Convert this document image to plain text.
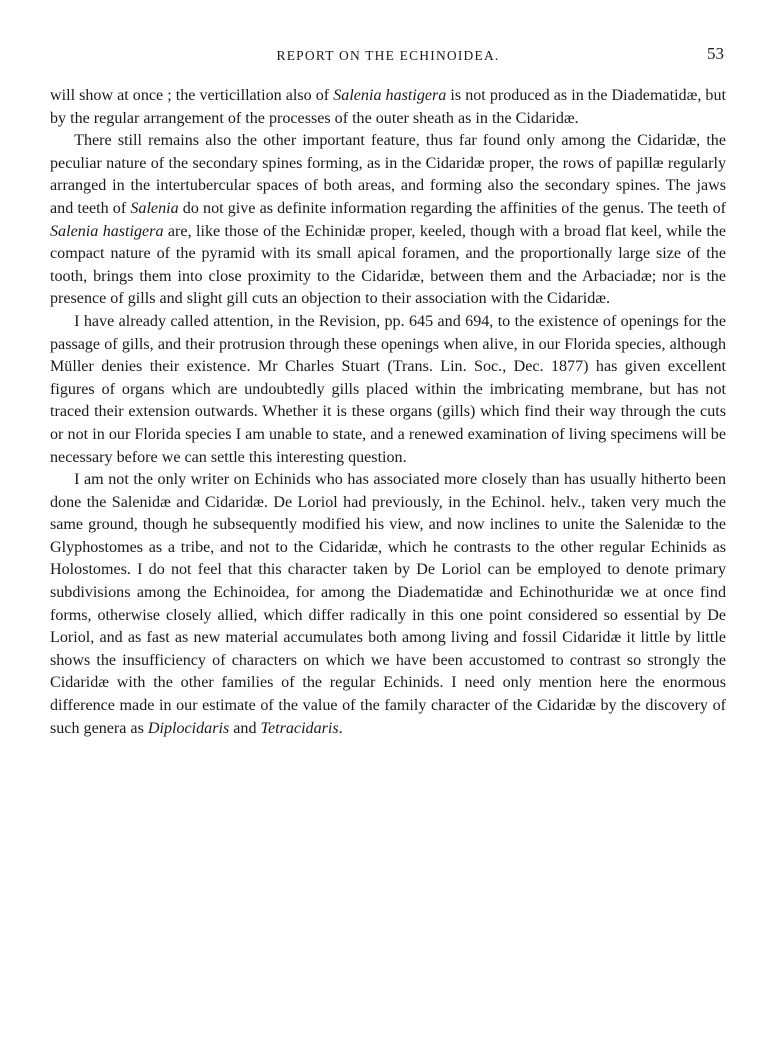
REPORT ON THE ECHINOIDEA.	53

will show at once ; the verticillation also of Salenia hastigera is not produced as in the Diadematidæ, but by the regular arrangement of the processes of the outer sheath as in the Cidaridæ.

There still remains also the other important feature, thus far found only among the Cidaridæ, the peculiar nature of the secondary spines forming, as in the Cidaridæ proper, the rows of papillæ regularly arranged in the intertubercular spaces of both areas, and forming also the secondary spines. The jaws and teeth of Salenia do not give as definite information regarding the affinities of the genus. The teeth of Salenia hastigera are, like those of the Echinidæ proper, keeled, though with a broad flat keel, while the compact nature of the pyramid with its small apical foramen, and the proportionally large size of the tooth, brings them into close proximity to the Cidaridæ, between them and the Arbaciadæ; nor is the presence of gills and slight gill cuts an objection to their association with the Cidaridæ.

I have already called attention, in the Revision, pp. 645 and 694, to the existence of openings for the passage of gills, and their protrusion through these openings when alive, in our Florida species, although Müller denies their existence. Mr Charles Stuart (Trans. Lin. Soc., Dec. 1877) has given excellent figures of organs which are undoubtedly gills placed within the imbricating membrane, but has not traced their extension outwards. Whether it is these organs (gills) which find their way through the cuts or not in our Florida species I am unable to state, and a renewed examination of living specimens will be necessary before we can settle this interesting question.

I am not the only writer on Echinids who has associated more closely than has usually hitherto been done the Salenidæ and Cidaridæ. De Loriol had previously, in the Echinol. helv., taken very much the same ground, though he subsequently modified his view, and now inclines to unite the Salenidæ to the Glyphostomes as a tribe, and not to the Cidaridæ, which he contrasts to the other regular Echinids as Holostomes. I do not feel that this character taken by De Loriol can be employed to denote primary subdivisions among the Echinoidea, for among the Diadematidæ and Echinothuridæ we at once find forms, otherwise closely allied, which differ radically in this one point considered so essential by De Loriol, and as fast as new material accumulates both among living and fossil Cidaridæ it little by little shows the insufficiency of characters on which we have been accustomed to contrast so strongly the Cidaridæ with the other families of the regular Echinids. I need only mention here the enormous difference made in our estimate of the value of the family character of the Cidaridæ by the discovery of such genera as Diplocidaris and Tetracidaris.
